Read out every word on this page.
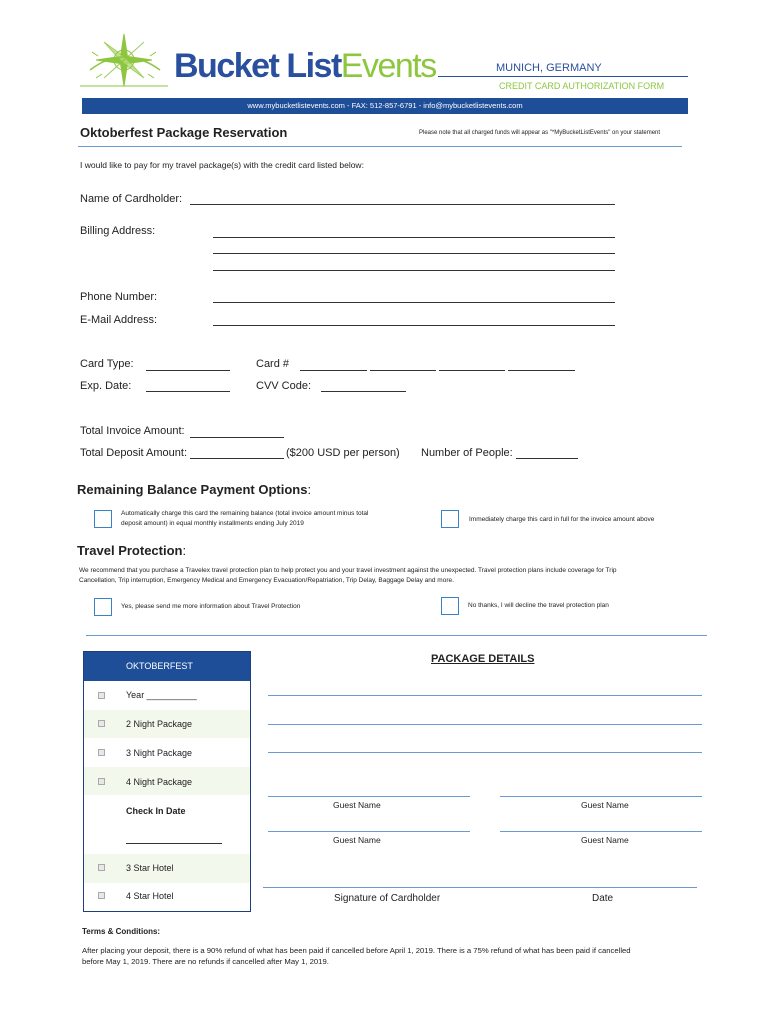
Bucket ListEvents	MUNICH, GERMANY
CREDIT CARD AUTHORIZATION FORM
www.mybucketlistevents.com - FAX: 512-857-6791 - info@mybucketlistevents.com
Oktoberfest Package Reservation	Please note that all charged funds will appear as "*MyBucketListEvents" on your statement
I would like to pay for my travel package(s) with the credit card listed below:
Name of Cardholder:
Billing Address:
Phone Number:
E-Mail Address:
Card Type:	Card #
Exp. Date:	CVV Code:
Total Invoice Amount:
Total Deposit Amount:	($200 USD per person) Number of People:
Remaining Balance Payment Options:
Automatically charge this card the remaining balance (total invoice amount minus total
deposit amount) in equal monthly installments ending July 2019
Immediately charge this card in full for the invoice amount above
Travel Protection:
We recommend that you purchase a Travelex travel protection plan to help protect you and your travel investment against the unexpected. Travel protection plans include coverage for Trip
Cancellation, Trip interruption, Emergency Medical and Emergency Evacuation/Repatriation, Trip Delay, Baggage Delay and more.
Yes, please send me more information about Travel Protection	No thanks, I will decline the travel protection plan
OKTOBERFEST
Year __________
2 Night Package
3 Night Package
4 Night Package
Check In Date
3 Star Hotel
4 Star Hotel
PACKAGE DETAILS
Guest Name	Guest Name
Guest Name	Guest Name
Signature of Cardholder	Date
Terms & Conditions:
After placing your deposit, there is a 90% refund of what has been paid if cancelled before April 1, 2019. There is a 75% refund of what has been paid if cancelled
before May 1, 2019. There are no refunds if cancelled after May 1, 2019.
